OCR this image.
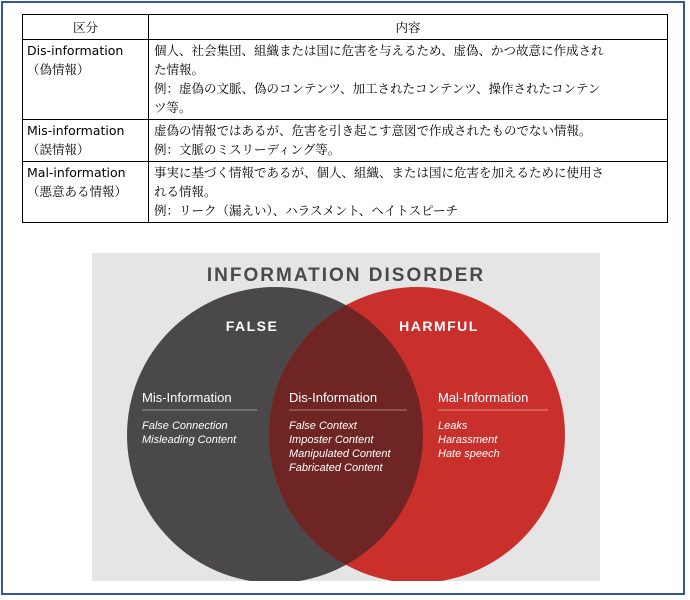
区分	内容

Dis-information
（偽情報）	個人、社会集団、組織または国に危害を与えるため、虚偽、かつ故意に作成され
た情報。
例：虚偽の文脈、偽のコンテンツ、加工されたコンテンツ、操作されたコンテン
ツ等。

Mis-information
（誤情報）	虚偽の情報ではあるが、危害を引き起こす意図で作成されたものでない情報。
例：文脈のミスリーディング等。

Mal-information
（悪意ある情報）	事実に基づく情報であるが、個人、組織、または国に危害を加えるために使用さ
れる情報。
例：リーク（漏えい）、ハラスメント、ヘイトスピーチ
INFORMATION DISORDER
FALSE	HARMFUL
Mis-Information
False Connection
Misleading Content
Dis-Information
False Context
Imposter Content
Manipulated Content
Fabricated Content
Mal-Information
Leaks
Harassment
Hate speech
